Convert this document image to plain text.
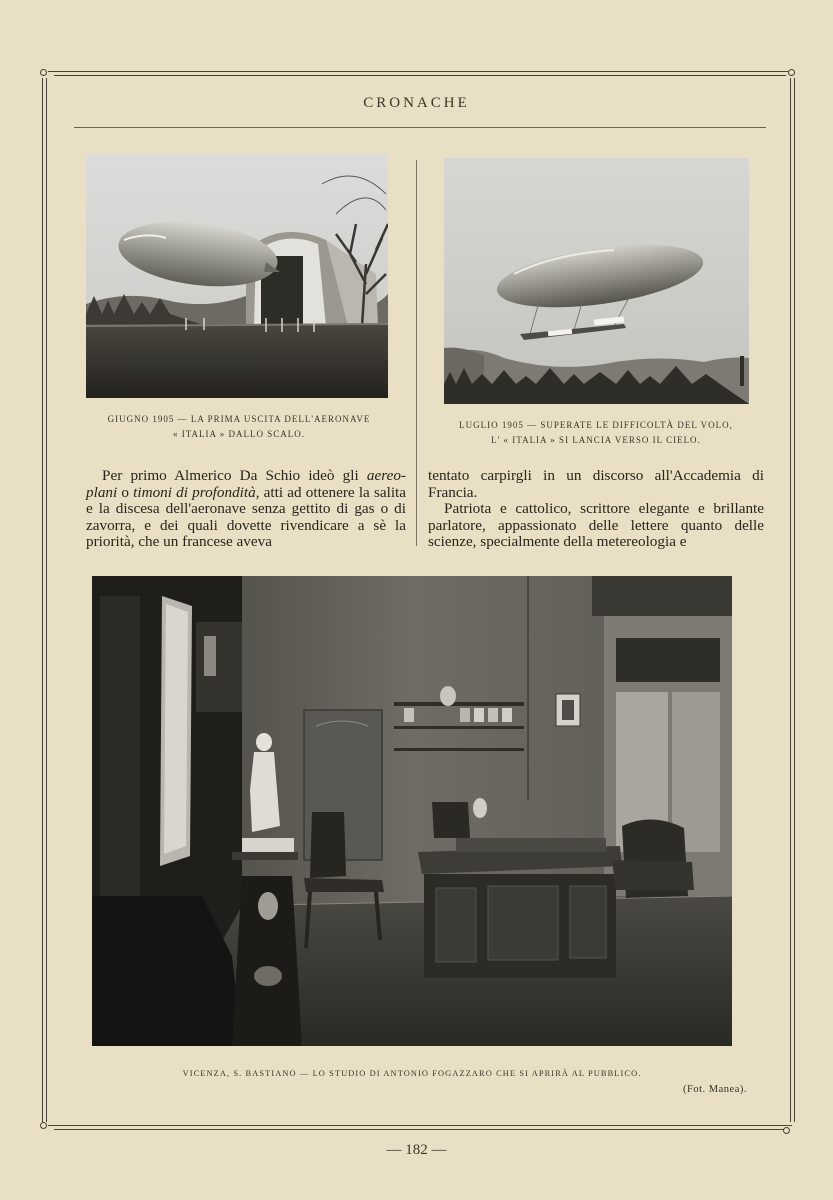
CRONACHE
GIUGNO 1905 — LA PRIMA USCITA DELL'AERONAVE
« ITALIA » DALLO SCALO.
LUGLIO 1905 — SUPERATE LE DIFFICOLTÀ DEL VOLO,
L' « ITALIA » SI LANCIA VERSO IL CIELO.

Per primo Almerico Da Schio ideò gli aereo-plani o timoni di profondità, atti ad ottenere la salita e la discesa dell'aeronave senza gettito di gas o di zavorra, e dei quali dovette rivendicare a sè la priorità, che un francese aveva

tentato carpirgli in un discorso all'Accademia di Francia.

Patriota e cattolico, scrittore elegante e brillante parlatore, appassionato delle lettere quanto delle scienze, specialmente della metereologia e

VICENZA, S. BASTIANO — LO STUDIO DI ANTONIO FOGAZZARO CHE SI APRIRÀ AL PUBBLICO.
(Fot. Manea).
— 182 —
